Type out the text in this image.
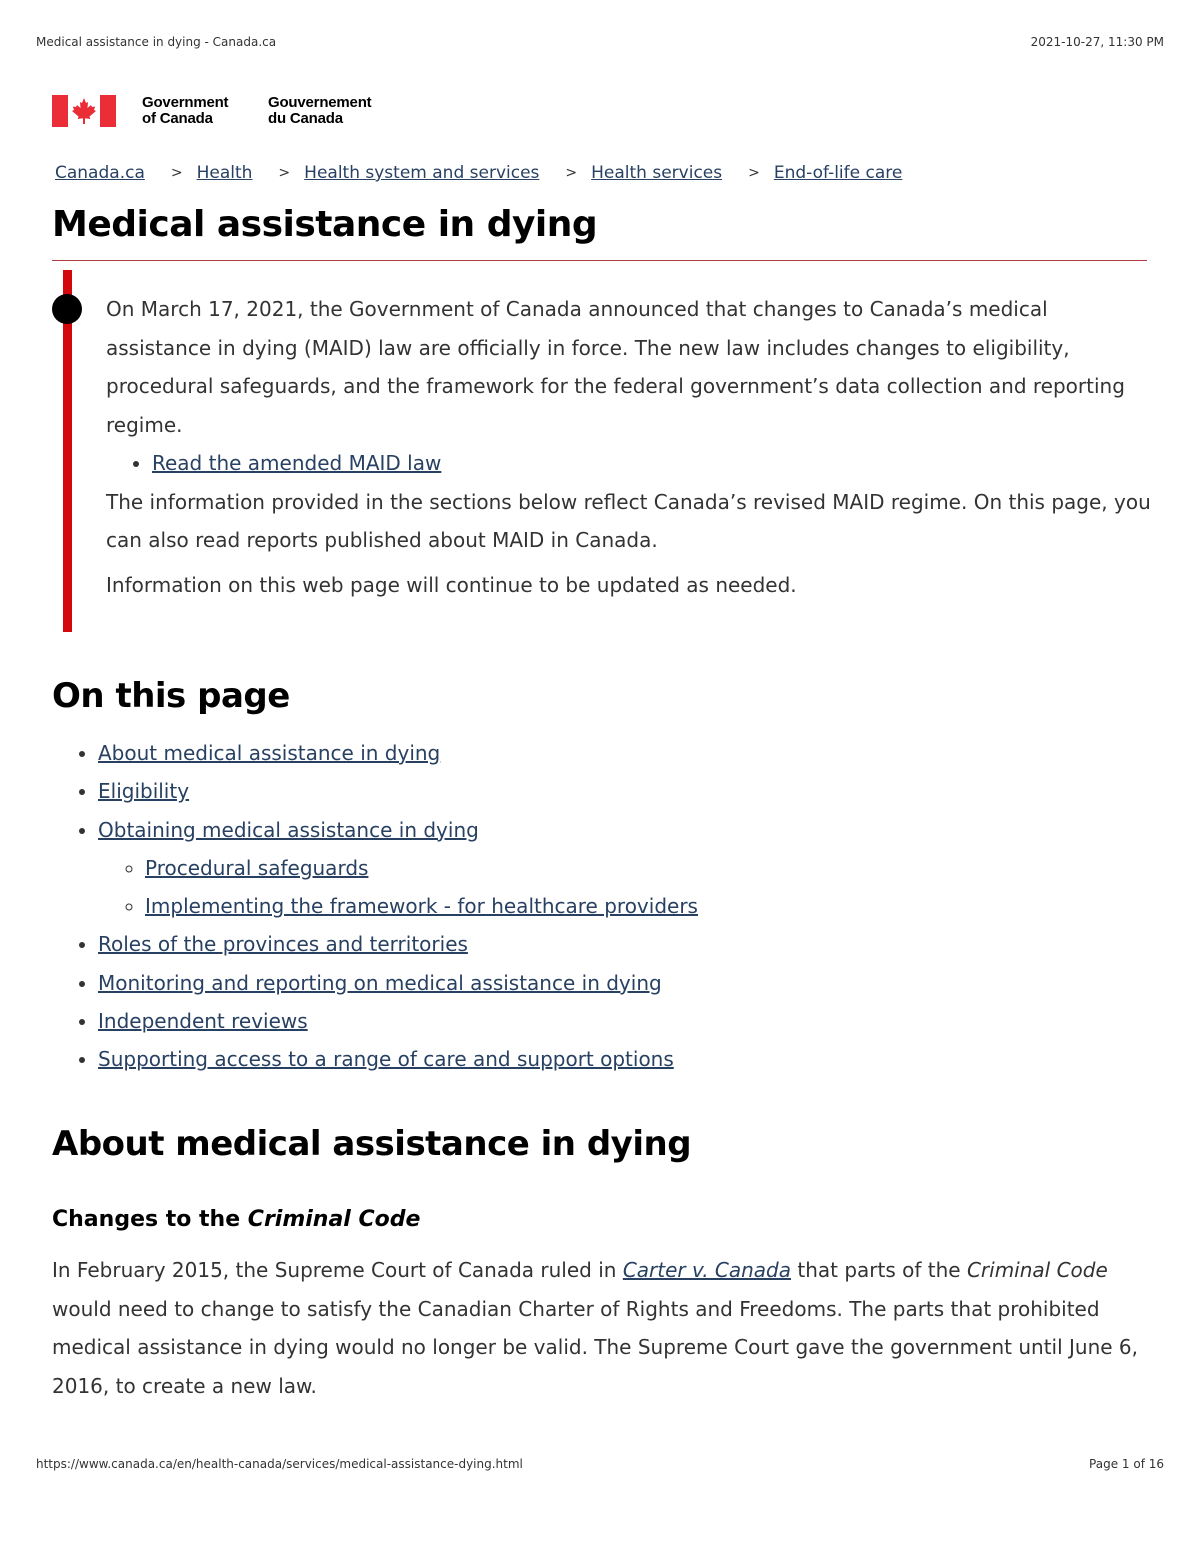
Medical assistance in dying - Canada.ca	2021-10-27, 11:30 PM
Government
of Canada
Gouvernement
du Canada
Canada.ca > Health > Health system and services > Health services > End-of-life care
Medical assistance in dying

On March 17, 2021, the Government of Canada announced that changes to Canada’s medical assistance in dying (MAID) law are officially in force. The new law includes changes to eligibility, procedural safeguards, and the framework for the federal government’s data collection and reporting regime.

• Read the amended MAID law

The information provided in the sections below reflect Canada’s revised MAID regime. On this page, you can also read reports published about MAID in Canada.

Information on this web page will continue to be updated as needed.

On this page
• About medical assistance in dying
• Eligibility
• Obtaining medical assistance in dying
◦ Procedural safeguards
◦ Implementing the framework - for healthcare providers
• Roles of the provinces and territories
• Monitoring and reporting on medical assistance in dying
• Independent reviews
• Supporting access to a range of care and support options
About medical assistance in dying
Changes to the Criminal Code

In February 2015, the Supreme Court of Canada ruled in Carter v. Canada that parts of the Criminal Code would need to change to satisfy the Canadian Charter of Rights and Freedoms. The parts that prohibited medical assistance in dying would no longer be valid. The Supreme Court gave the government until June 6, 2016, to create a new law.

https://www.canada.ca/en/health-canada/services/medical-assistance-dying.html	Page 1 of 16
